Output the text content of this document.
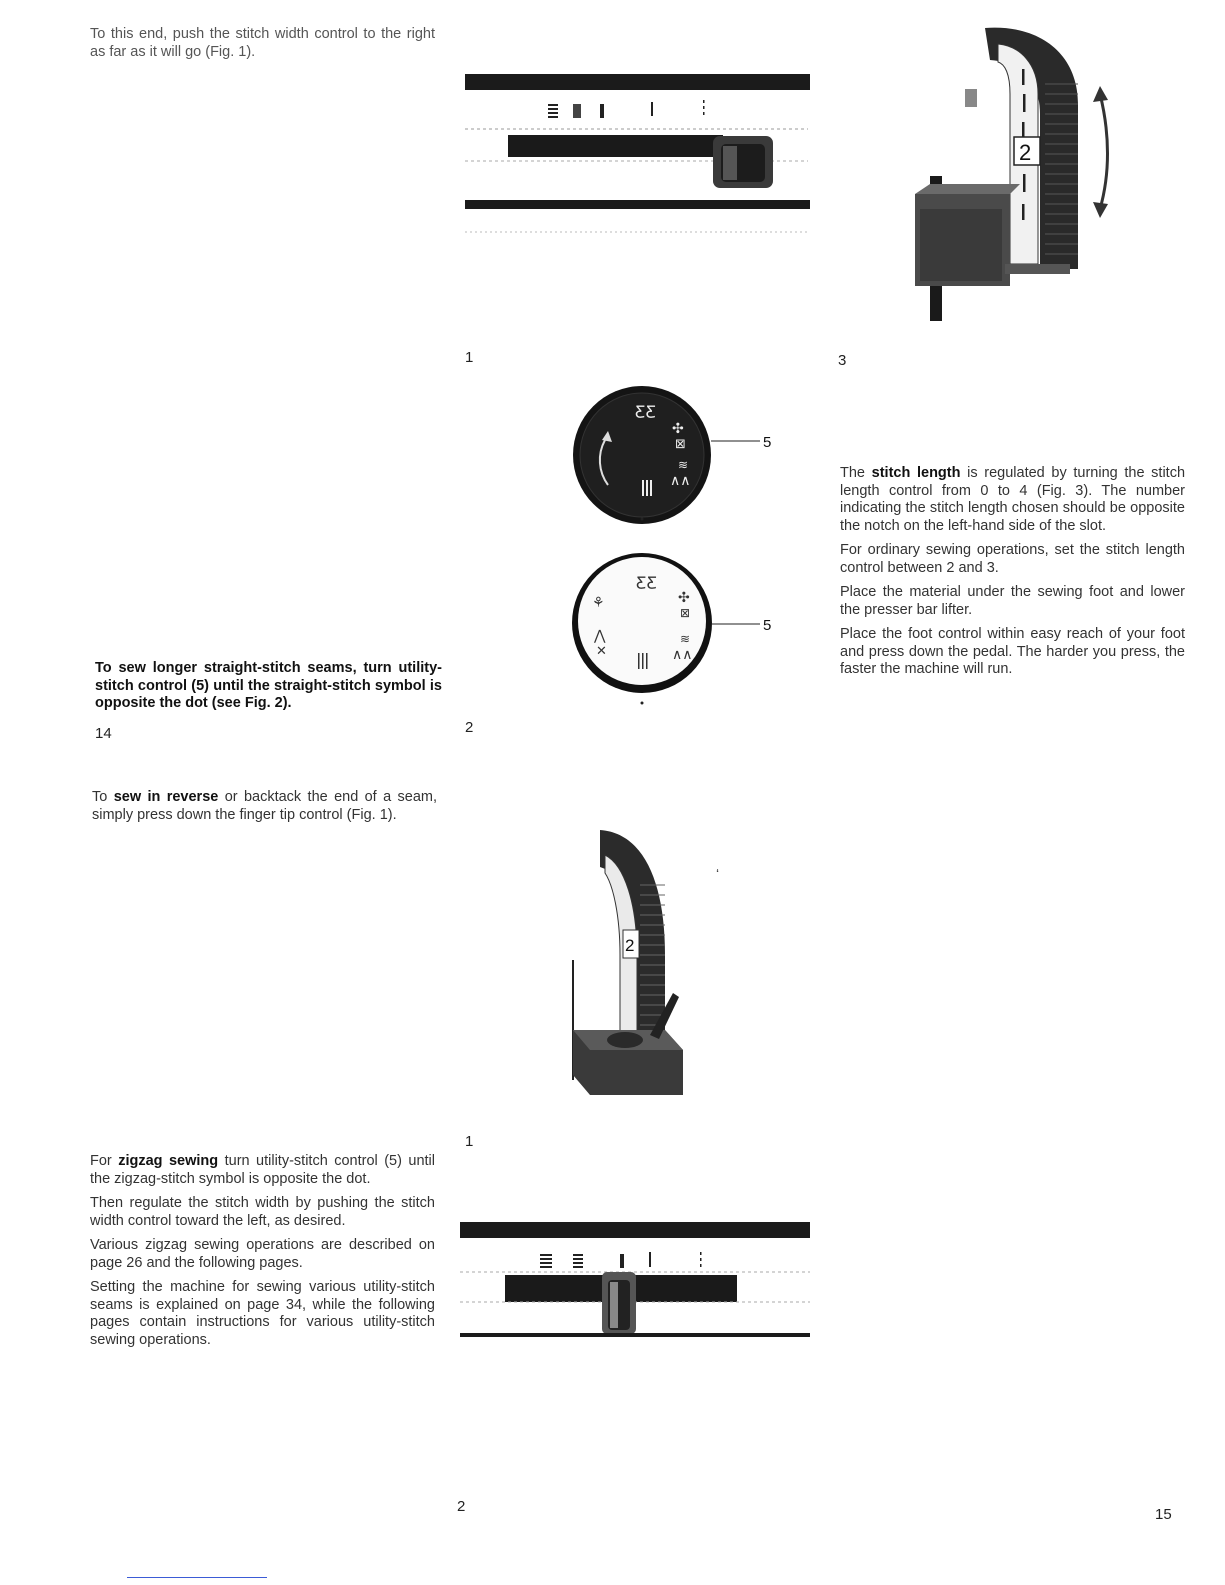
To this end, push the stitch width control to the right as far as it will go (Fig. 1).

1
ƸƸ
✣
⊠
≋
∧∧
5
ƸƸ
✣
⊠
≋
∧∧
⚘
⋀
✕
5

To sew longer straight-stitch seams, turn utility-stitch control (5) until the straight-stitch symbol is opposite the dot (see Fig. 2).

14	2
2
3

The stitch length is regulated by turning the stitch length control from 0 to 4 (Fig. 3). The number indicating the stitch length chosen should be opposite the notch on the left-hand side of the slot.

For ordinary sewing operations, set the stitch length control between 2 and 3.

Place the material under the sewing foot and lower the presser bar lifter.

Place the foot control within easy reach of your foot and press down the pedal. The harder you press, the faster the machine will run.

To sew in reverse or backtack the end of a seam, simply press down the finger tip control (Fig. 1).

2
ʻ
1

For zigzag sewing turn utility-stitch control (5) until the zigzag-stitch symbol is opposite the dot.

Then regulate the stitch width by pushing the stitch width control toward the left, as desired.

Various zigzag sewing operations are described on page 26 and the following pages.

Setting the machine for sewing various utility-stitch seams is explained on page 34, while the following pages contain instructions for various utility-stitch sewing operations.

2	15
